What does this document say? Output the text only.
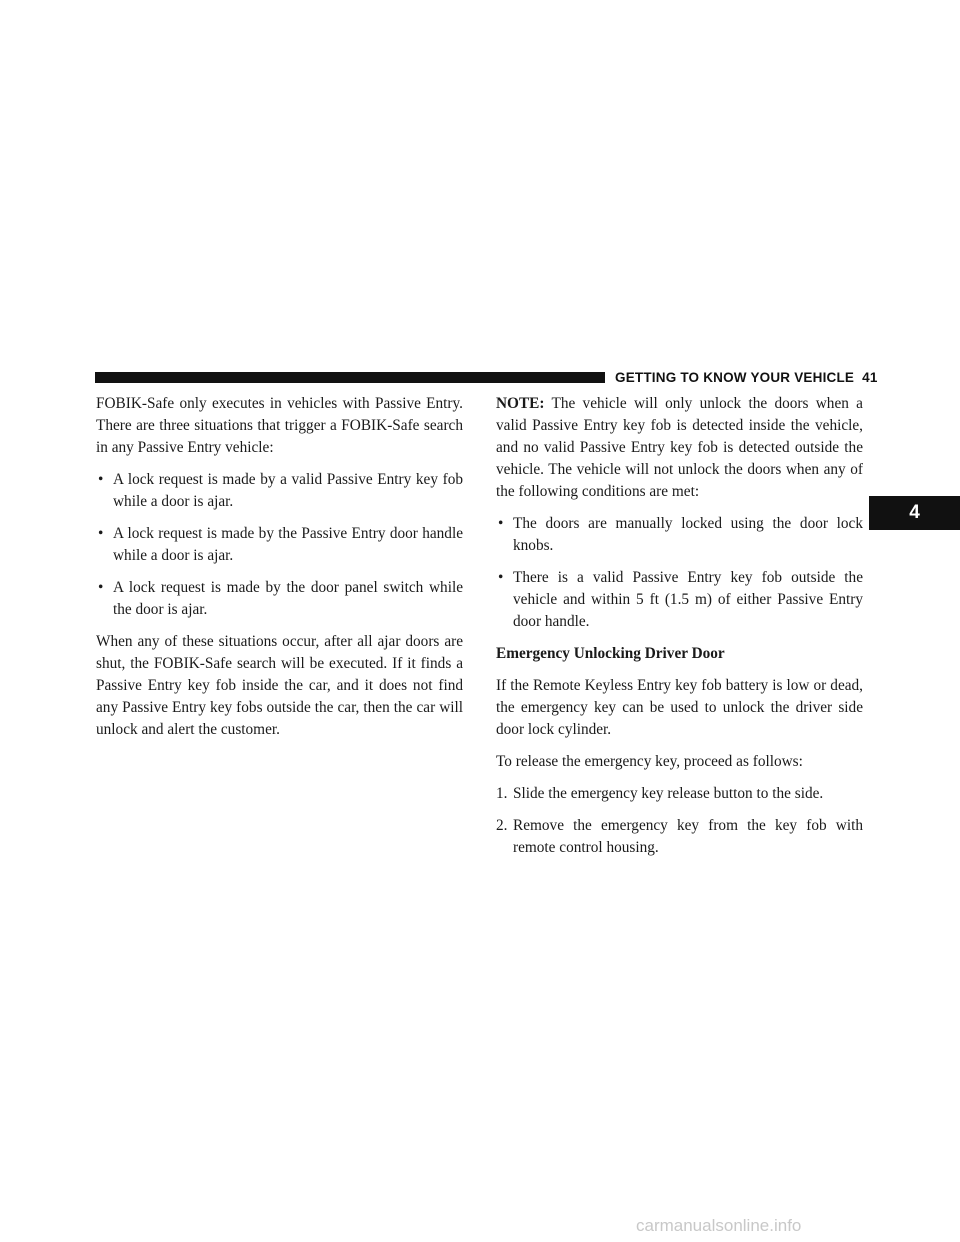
GETTING TO KNOW YOUR VEHICLE 41
4

FOBIK-Safe only executes in vehicles with Passive Entry. There are three situations that trigger a FOBIK-Safe search in any Passive Entry vehicle:

• A lock request is made by a valid Passive Entry key fob while a door is ajar.
• A lock request is made by the Passive Entry door handle while a door is ajar.
• A lock request is made by the door panel switch while the door is ajar.

When any of these situations occur, after all ajar doors are shut, the FOBIK-Safe search will be executed. If it finds a Passive Entry key fob inside the car, and it does not find any Passive Entry key fobs outside the car, then the car will unlock and alert the customer.

NOTE: The vehicle will only unlock the doors when a valid Passive Entry key fob is detected inside the vehicle, and no valid Passive Entry key fob is detected outside the vehicle. The vehicle will not unlock the doors when any of the following conditions are met:

• The doors are manually locked using the door lock knobs.
• There is a valid Passive Entry key fob outside the vehicle and within 5 ft (1.5 m) of either Passive Entry door handle.
Emergency Unlocking Driver Door

If the Remote Keyless Entry key fob battery is low or dead, the emergency key can be used to unlock the driver side door lock cylinder.

To release the emergency key, proceed as follows:

1. Slide the emergency key release button to the side.
2. Remove the emergency key from the key fob with remote control housing.
carmanualsonline.info
